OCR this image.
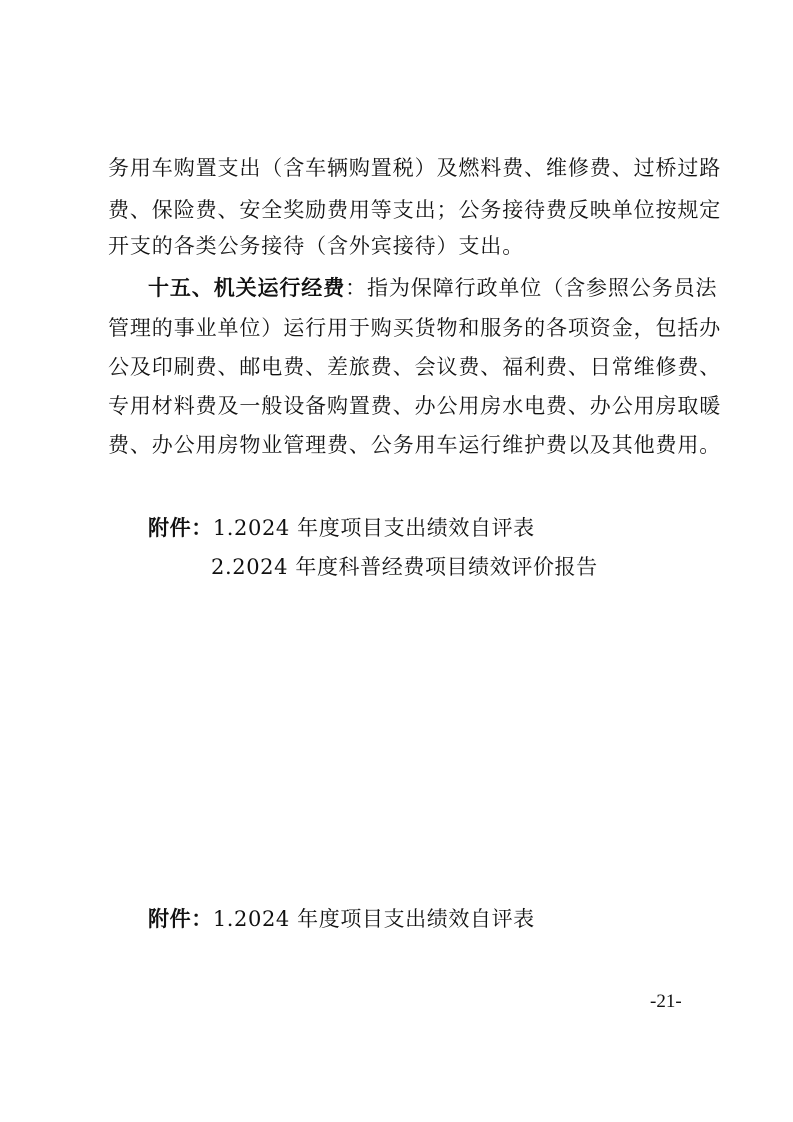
务用车购置支出（含车辆购置税）及燃料费、维修费、过桥过路
费、保险费、安全奖励费用等支出；公务接待费反映单位按规定
开支的各类公务接待（含外宾接待）支出。
十五、机关运行经费：指为保障行政单位（含参照公务员法
管理的事业单位）运行用于购买货物和服务的各项资金，包括办
公及印刷费、邮电费、差旅费、会议费、福利费、日常维修费、
专用材料费及一般设备购置费、办公用房水电费、办公用房取暖
费、办公用房物业管理费、公务用车运行维护费以及其他费用。
附件：1.2024 年度项目支出绩效自评表
2.2024 年度科普经费项目绩效评价报告
附件：1.2024 年度项目支出绩效自评表
-21-
